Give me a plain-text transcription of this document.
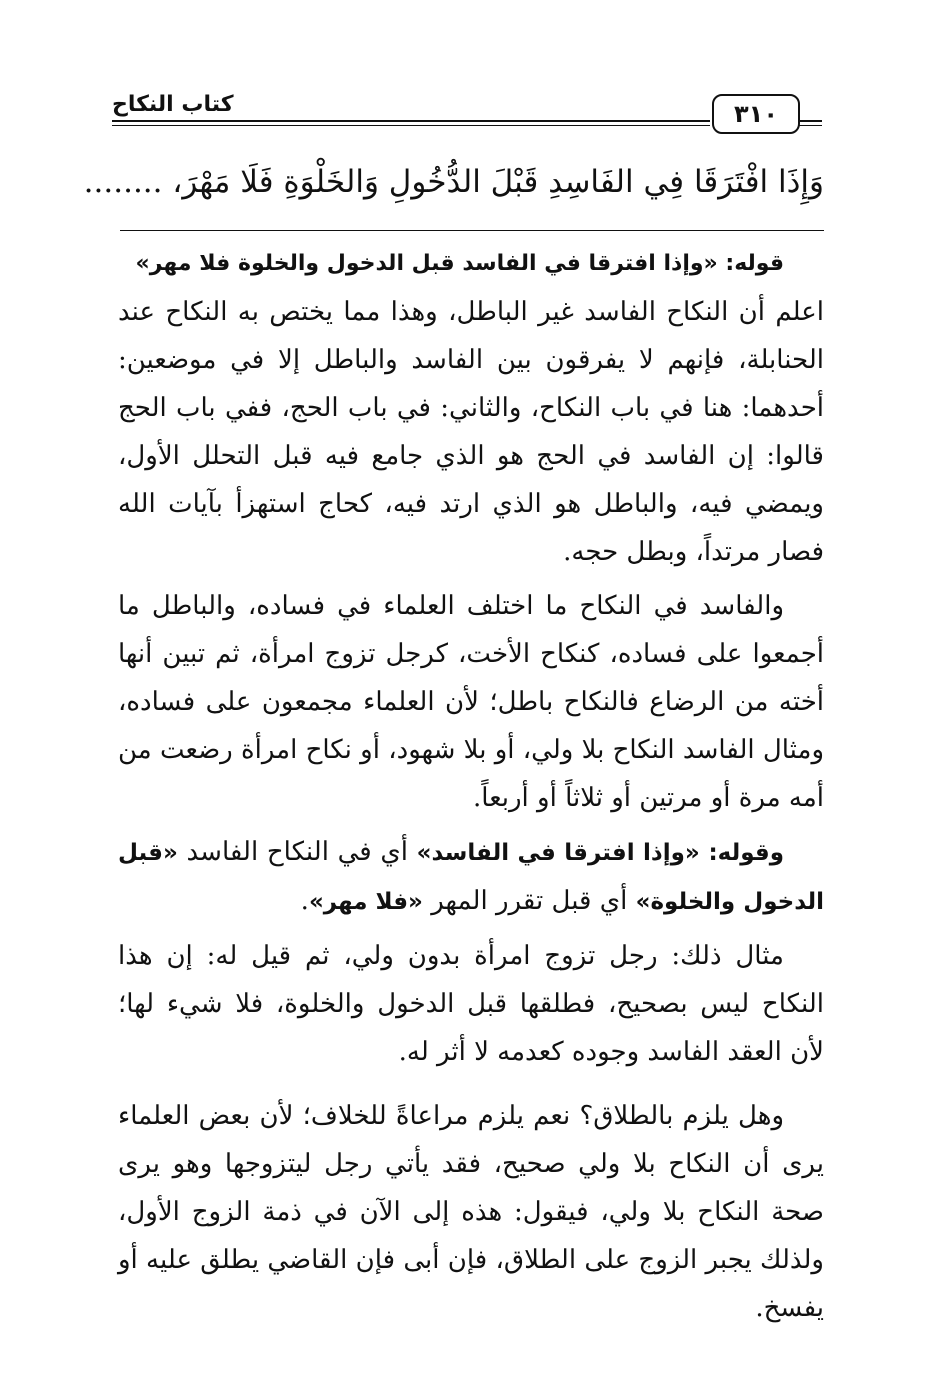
كتاب النكاح	٣١٠
وَإِذَا افْتَرَقَا فِي الفَاسِدِ قَبْلَ الدُّخُولِ وَالخَلْوَةِ فَلَا مَهْرَ، ........

قوله: «وإذا افترقا في الفاسد قبل الدخول والخلوة فلا مهر»

اعلم أن النكاح الفاسد غير الباطل، وهذا مما يختص به النكاح عند الحنابلة، فإنهم لا يفرقون بين الفاسد والباطل إلا في موضعين: أحدهما: هنا في باب النكاح، والثاني: في باب الحج، ففي باب الحج قالوا: إن الفاسد في الحج هو الذي جامع فيه قبل التحلل الأول، ويمضي فيه، والباطل هو الذي ارتد فيه، كحاج استهزأ بآيات الله فصار مرتداً، وبطل حجه.

والفاسد في النكاح ما اختلف العلماء في فساده، والباطل ما أجمعوا على فساده، كنكاح الأخت، كرجل تزوج امرأة، ثم تبين أنها أخته من الرضاع فالنكاح باطل؛ لأن العلماء مجمعون على فساده، ومثال الفاسد النكاح بلا ولي، أو بلا شهود، أو نكاح امرأة رضعت من أمه مرة أو مرتين أو ثلاثاً أو أربعاً.

وقوله: «وإذا افترقا في الفاسد» أي في النكاح الفاسد «قبل الدخول والخلوة» أي قبل تقرر المهر «فلا مهر».

مثال ذلك: رجل تزوج امرأة بدون ولي، ثم قيل له: إن هذا النكاح ليس بصحيح، فطلقها قبل الدخول والخلوة، فلا شيء لها؛ لأن العقد الفاسد وجوده كعدمه لا أثر له.

وهل يلزم بالطلاق؟ نعم يلزم مراعاةً للخلاف؛ لأن بعض العلماء يرى أن النكاح بلا ولي صحيح، فقد يأتي رجل ليتزوجها وهو يرى صحة النكاح بلا ولي، فيقول: هذه إلى الآن في ذمة الزوج الأول، ولذلك يجبر الزوج على الطلاق، فإن أبى فإن القاضي يطلق عليه أو يفسخ.
